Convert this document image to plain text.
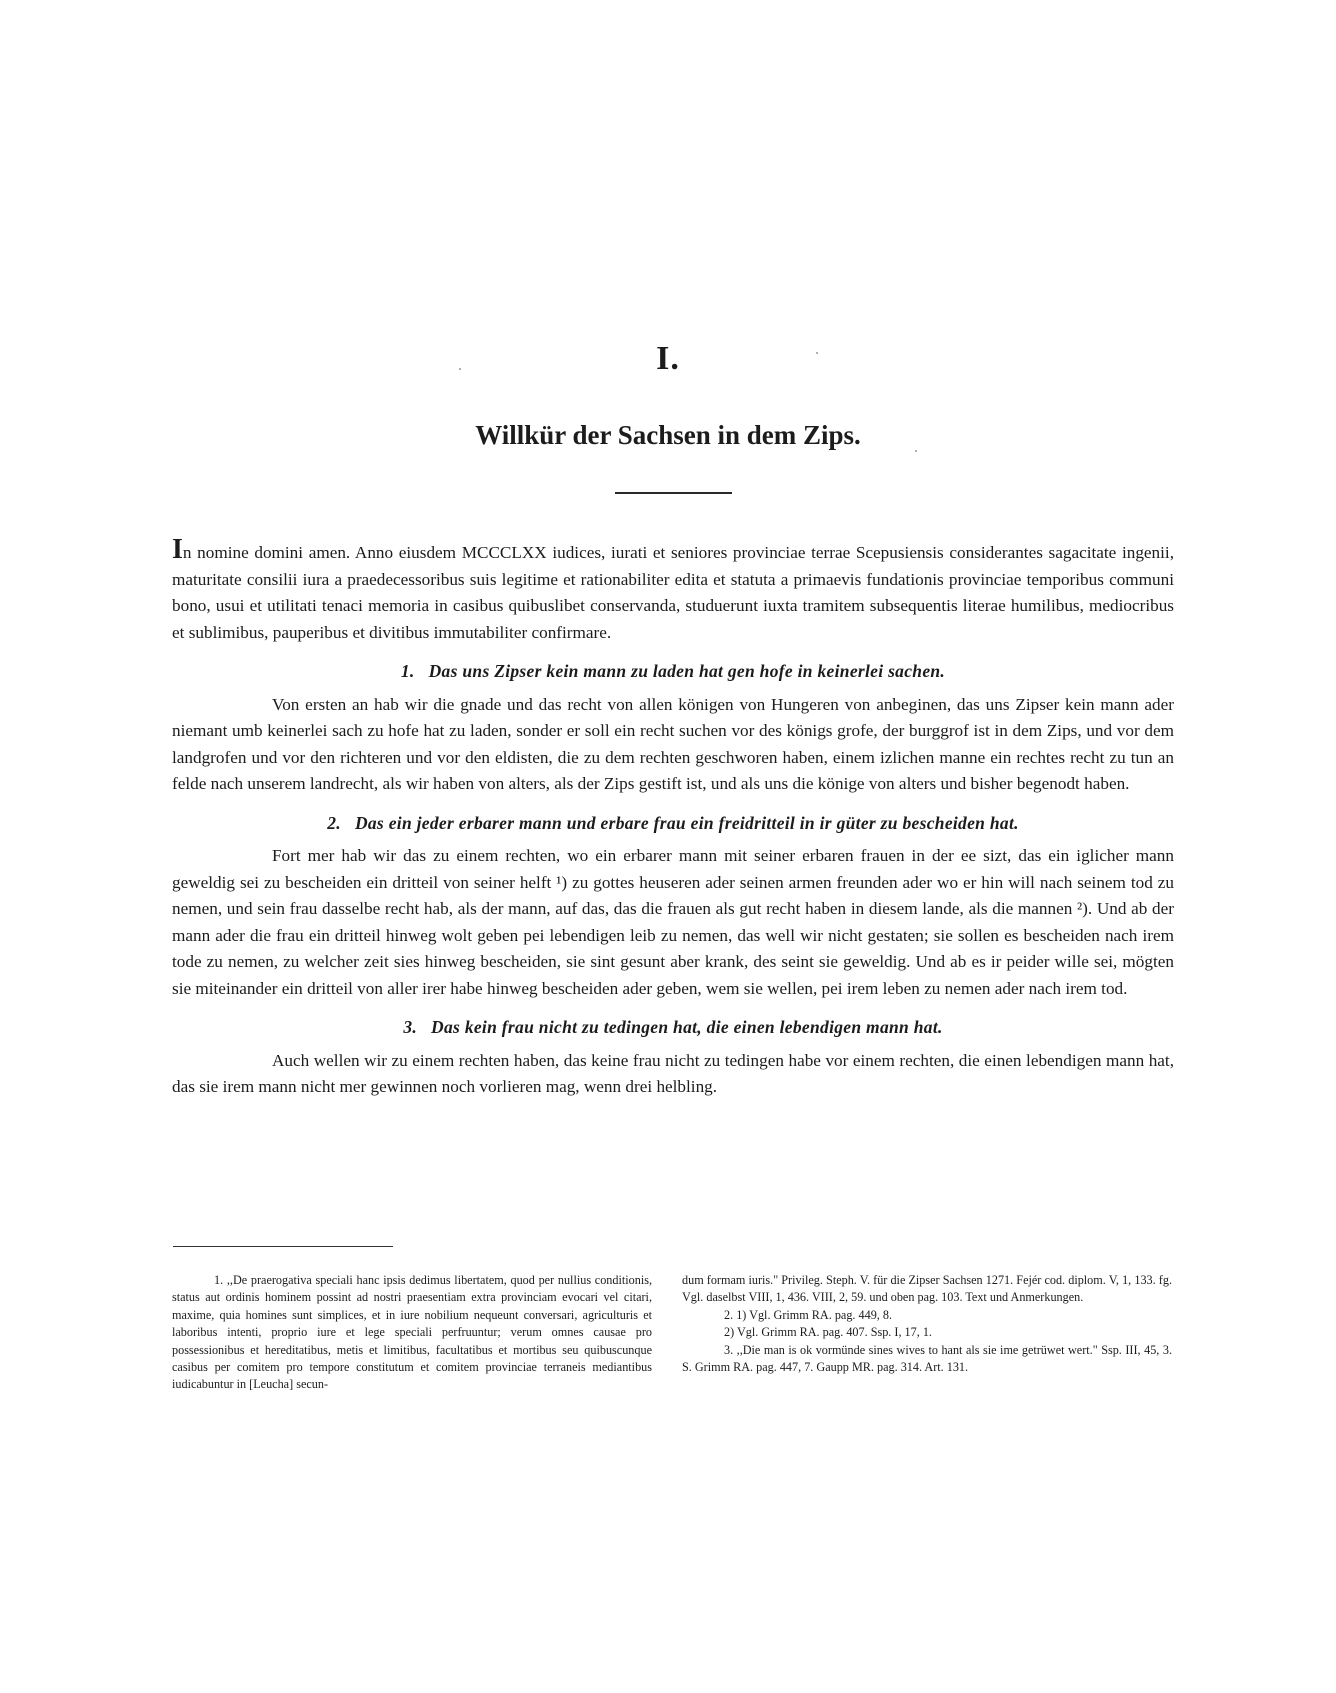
I.
Willkür der Sachsen in dem Zips.

In nomine domini amen. Anno eiusdem MCCCLXX iudices, iurati et seniores provinciae terrae Scepusiensis considerantes sagacitate ingenii, maturitate consilii iura a praedecessoribus suis legitime et rationabiliter edita et statuta a primaevis fundationis provinciae temporibus communi bono, usui et utilitati tenaci memoria in casibus quibuslibet conservanda, studuerunt iuxta tramitem subsequentis literae humilibus, mediocribus et sublimibus, pauperibus et divitibus immutabiliter confirmare.

1. Das uns Zipser kein mann zu laden hat gen hofe in keinerlei sachen.

Von ersten an hab wir die gnade und das recht von allen königen von Hungeren von anbeginen, das uns Zipser kein mann ader niemant umb keinerlei sach zu hofe hat zu laden, sonder er soll ein recht suchen vor des königs grofe, der burggrof ist in dem Zips, und vor dem landgrofen und vor den richteren und vor den eldisten, die zu dem rechten geschworen haben, einem izlichen manne ein rechtes recht zu tun an felde nach unserem landrecht, als wir haben von alters, als der Zips gestift ist, und als uns die könige von alters und bisher begenodt haben.

2. Das ein jeder erbarer mann und erbare frau ein freidritteil in ir güter zu bescheiden hat.

Fort mer hab wir das zu einem rechten, wo ein erbarer mann mit seiner erbaren frauen in der ee sizt, das ein iglicher mann geweldig sei zu bescheiden ein dritteil von seiner helft ¹) zu gottes heuseren ader seinen armen freunden ader wo er hin will nach seinem tod zu nemen, und sein frau dasselbe recht hab, als der mann, auf das, das die frauen als gut recht haben in diesem lande, als die mannen ²). Und ab der mann ader die frau ein dritteil hinweg wolt geben pei lebendigen leib zu nemen, das well wir nicht gestaten; sie sollen es bescheiden nach irem tode zu nemen, zu welcher zeit sies hinweg bescheiden, sie sint gesunt aber krank, des seint sie geweldig. Und ab es ir peider wille sei, mögten sie miteinander ein dritteil von aller irer habe hinweg bescheiden ader geben, wem sie wellen, pei irem leben zu nemen ader nach irem tod.

3. Das kein frau nicht zu tedingen hat, die einen lebendigen mann hat.

Auch wellen wir zu einem rechten haben, das keine frau nicht zu tedingen habe vor einem rechten, die einen lebendigen mann hat, das sie irem mann nicht mer gewinnen noch vorlieren mag, wenn drei helbling.

1. ,,De praerogativa speciali hanc ipsis dedimus libertatem, quod per nullius conditionis, status aut ordinis hominem possint ad nostri praesentiam extra provinciam evocari vel citari, maxime, quia homines sunt simplices, et in iure nobilium nequeunt conversari, agriculturis et laboribus intenti, proprio iure et lege speciali perfruuntur; verum omnes causae pro possessionibus et hereditatibus, metis et limitibus, facultatibus et mortibus seu quibuscunque casibus per comitem pro tempore constitutum et comitem provinciae terraneis mediantibus iudicabuntur in [Leucha] secun-

dum formam iuris." Privileg. Steph. V. für die Zipser Sachsen 1271. Fejér cod. diplom. V, 1, 133. fg. Vgl. daselbst VIII, 1, 436. VIII, 2, 59. und oben pag. 103. Text und Anmerkungen.

2. 1) Vgl. Grimm RA. pag. 449, 8.

2) Vgl. Grimm RA. pag. 407. Ssp. I, 17, 1.

3. ,,Die man is ok vormünde sines wives to hant als sie ime getrüwet wert." Ssp. III, 45, 3. S. Grimm RA. pag. 447, 7. Gaupp MR. pag. 314. Art. 131.
